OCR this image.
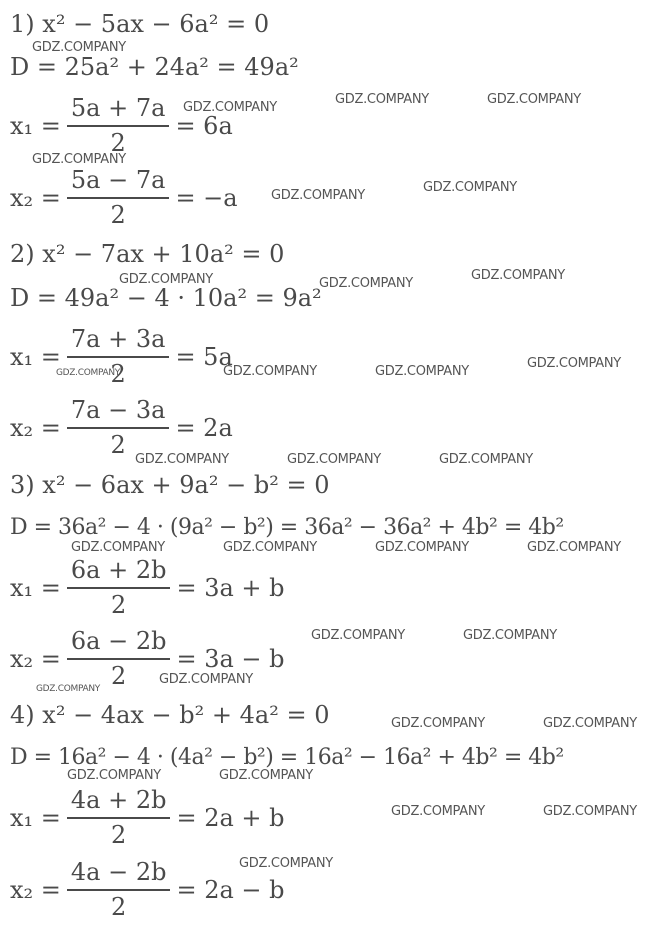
1) x² − 5ax − 6a² = 0
D = 25a² + 24a² = 49a²
$x_1 = \frac{5a + 7a}{2} = 6a$
$x_2 = \frac{5a - 7a}{2} = -a$
2) x² − 7ax + 10a² = 0
D = 49a² − 4 · 10a² = 9a²
$x_1 = \frac{7a + 3a}{2} = 5a$
$x_2 = \frac{7a - 3a}{2} = 2a$
3) x² − 6ax + 9a² − b² = 0
D = 36a² − 4 · (9a² − b²) = 36a² − 36a² + 4b² = 4b²
$x_1 = \frac{6a + 2b}{2} = 3a + b$
$x_2 = \frac{6a - 2b}{2} = 3a - b$
4) x² − 4ax − b² + 4a² = 0
D = 16a² − 4 · (4a² − b²) = 16a² − 16a² + 4b² = 4b²
$x_1 = \frac{4a + 2b}{2} = 2a + b$
$x_2 = \frac{4a - 2b}{2} = 2a - b$
GDZ.COMPANY
GDZ.COMPANY
GDZ.COMPANY	GDZ.COMPANY
GDZ.COMPANY
GDZ.COMPANY
GDZ.COMPANY
GDZ.COMPANY	GDZ.COMPANY
GDZ.COMPANY
GDZ.COMPANY	GDZ.COMPANY	GDZ.COMPANY
GDZ.COMPANY
GDZ.COMPANY	GDZ.COMPANY	GDZ.COMPANY
GDZ.COMPANY	GDZ.COMPANY	GDZ.COMPANY	GDZ.COMPANY
GDZ.COMPANY	GDZ.COMPANY
GDZ.COMPANY
GDZ.COMPANY
GDZ.COMPANY	GDZ.COMPANY
GDZ.COMPANY	GDZ.COMPANY
GDZ.COMPANY	GDZ.COMPANY
GDZ.COMPANY
